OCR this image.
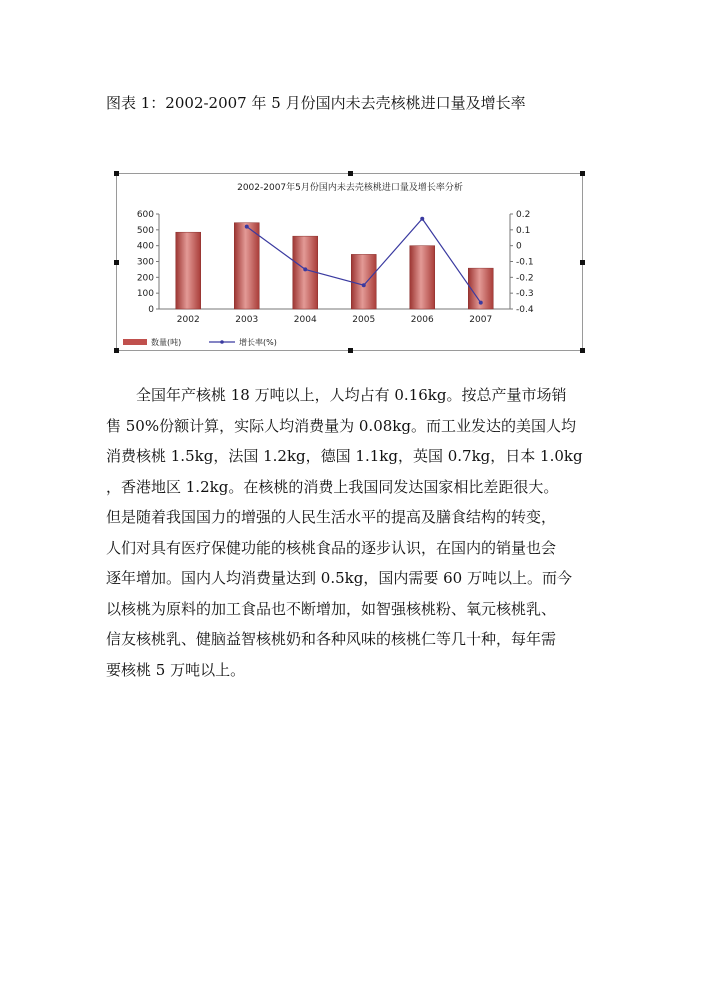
图表 1：2002-2007 年 5 月份国内未去壳核桃进口量及增长率
2002-2007年5月份国内未去壳核桃进口量及增长率分析
0
100
200
300
400
500
600	0.2
0.1
0
-0.1
-0.2
-0.3
-0.4
2002	2003	2004	2005	2006	2007
数量(吨)	增长率(%)

全国年产核桃 18 万吨以上，人均占有 0.16kg。按总产量市场销

售 50%份额计算，实际人均消费量为 0.08kg。而工业发达的美国人均

消费核桃 1.5kg，法国 1.2kg，德国 1.1kg，英国 0.7kg，日本 1.0kg

，香港地区 1.2kg。在核桃的消费上我国同发达国家相比差距很大。

但是随着我国国力的增强的人民生活水平的提高及膳食结构的转变，

人们对具有医疗保健功能的核桃食品的逐步认识，在国内的销量也会

逐年增加。国内人均消费量达到 0.5kg，国内需要 60 万吨以上。而今

以核桃为原料的加工食品也不断增加，如智强核桃粉、氧元核桃乳、

信友核桃乳、健脑益智核桃奶和各种风味的核桃仁等几十种，每年需

要核桃 5 万吨以上。
